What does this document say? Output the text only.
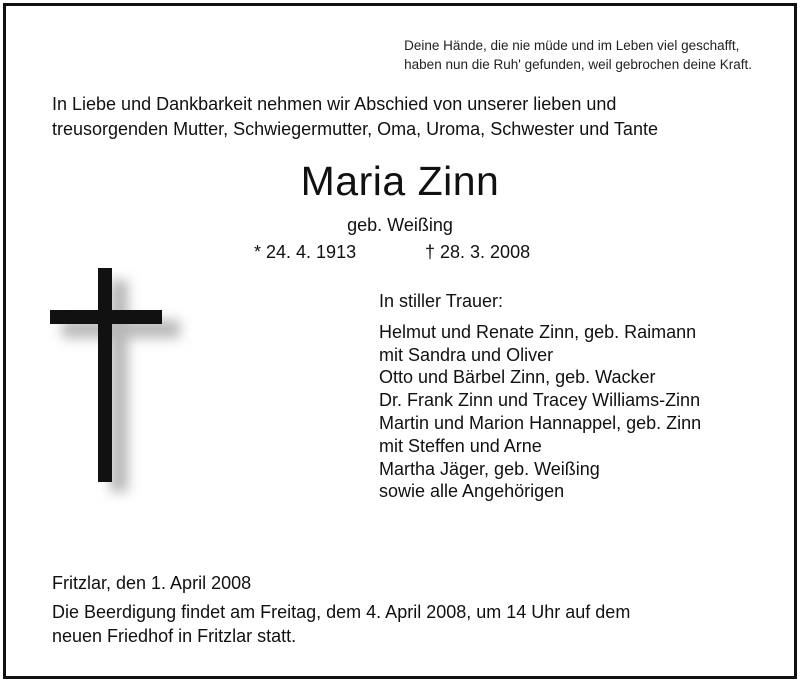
Deine Hände, die nie müde und im Leben viel geschafft,
haben nun die Ruh' gefunden, weil gebrochen deine Kraft.
In Liebe und Dankbarkeit nehmen wir Abschied von unserer lieben und
treusorgenden Mutter, Schwiegermutter, Oma, Uroma, Schwester und Tante
Maria Zinn
geb. Weißing
* 24. 4. 1913	† 28. 3. 2008
In stiller Trauer:
Helmut und Renate Zinn, geb. Raimann
mit Sandra und Oliver
Otto und Bärbel Zinn, geb. Wacker
Dr. Frank Zinn und Tracey Williams-Zinn
Martin und Marion Hannappel, geb. Zinn
mit Steffen und Arne
Martha Jäger, geb. Weißing
sowie alle Angehörigen
Fritzlar, den 1. April 2008
Die Beerdigung findet am Freitag, dem 4. April 2008, um 14 Uhr auf dem
neuen Friedhof in Fritzlar statt.
